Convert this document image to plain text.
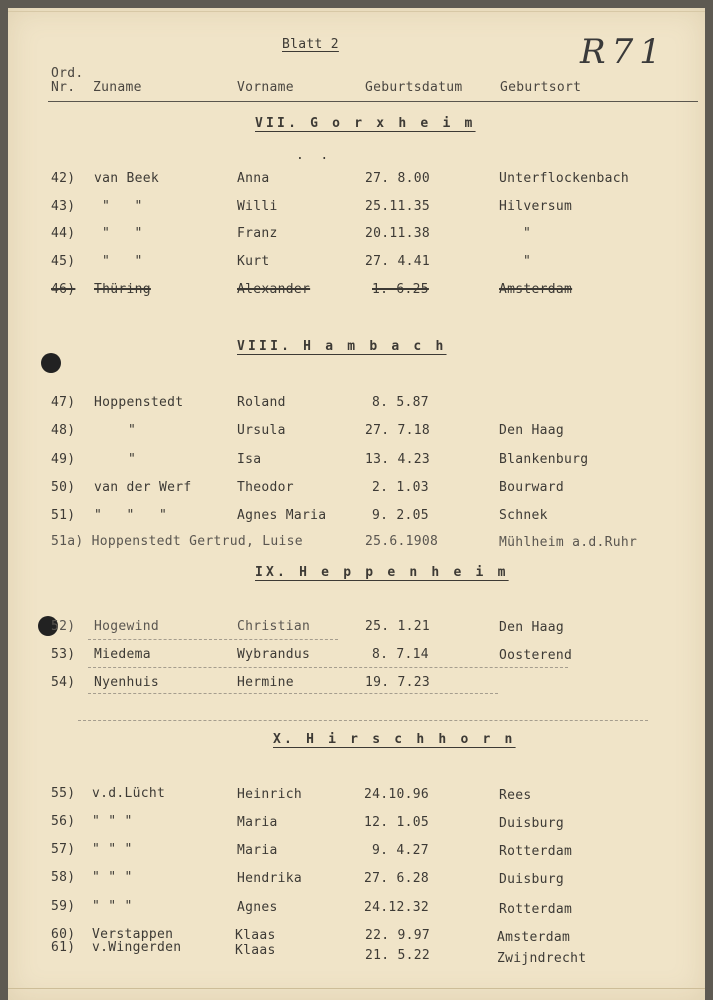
Blatt 2	R71
Ord.
Nr. Zuname	Vorname	Geburtsdatum	Geburtsort
VII. G o r x h e i m
.  .
42) van Beek	Anna	27. 8.00	Unterflockenbach
43) "   "	Willi	25.11.35	Hilversum
44) "   "	Franz	20.11.38	"
45) "   "	Kurt	27. 4.41	"
46) Thüring	Alexander	1. 6.25	Amsterdam
VIII. H a m b a c h
47) Hoppenstedt	Roland	8. 5.87
48)	"	Ursula	27. 7.18	Den Haag
49)	"	Isa	13. 4.23	Blankenburg
50) van der Werf	Theodor	2. 1.03	Bourward
51) "   "   "	Agnes Maria	9. 2.05	Schnek
51a) Hoppenstedt Gertrud, Luise	25.6.1908	Mühlheim a.d.Ruhr
IX. H e p p e n h e i m
52) Hogewind	Christian	25. 1.21	Den Haag
53) Miedema	Wybrandus	8. 7.14	Oosterend
54) Nyenhuis	Hermine	19. 7.23
X. H i r s c h h o r n
55) v.d.Lücht	Heinrich	24.10.96	Rees
56) " " "	Maria	12. 1.05	Duisburg
57) " " "	Maria	9. 4.27	Rotterdam
58) " " "	Hendrika	27. 6.28	Duisburg
59) " " "	Agnes	24.12.32	Rotterdam
60) Verstappen	Klaas	22. 9.97	Amsterdam
61) v.Wingerden	Klaas	21. 5.22	Zwijndrecht
